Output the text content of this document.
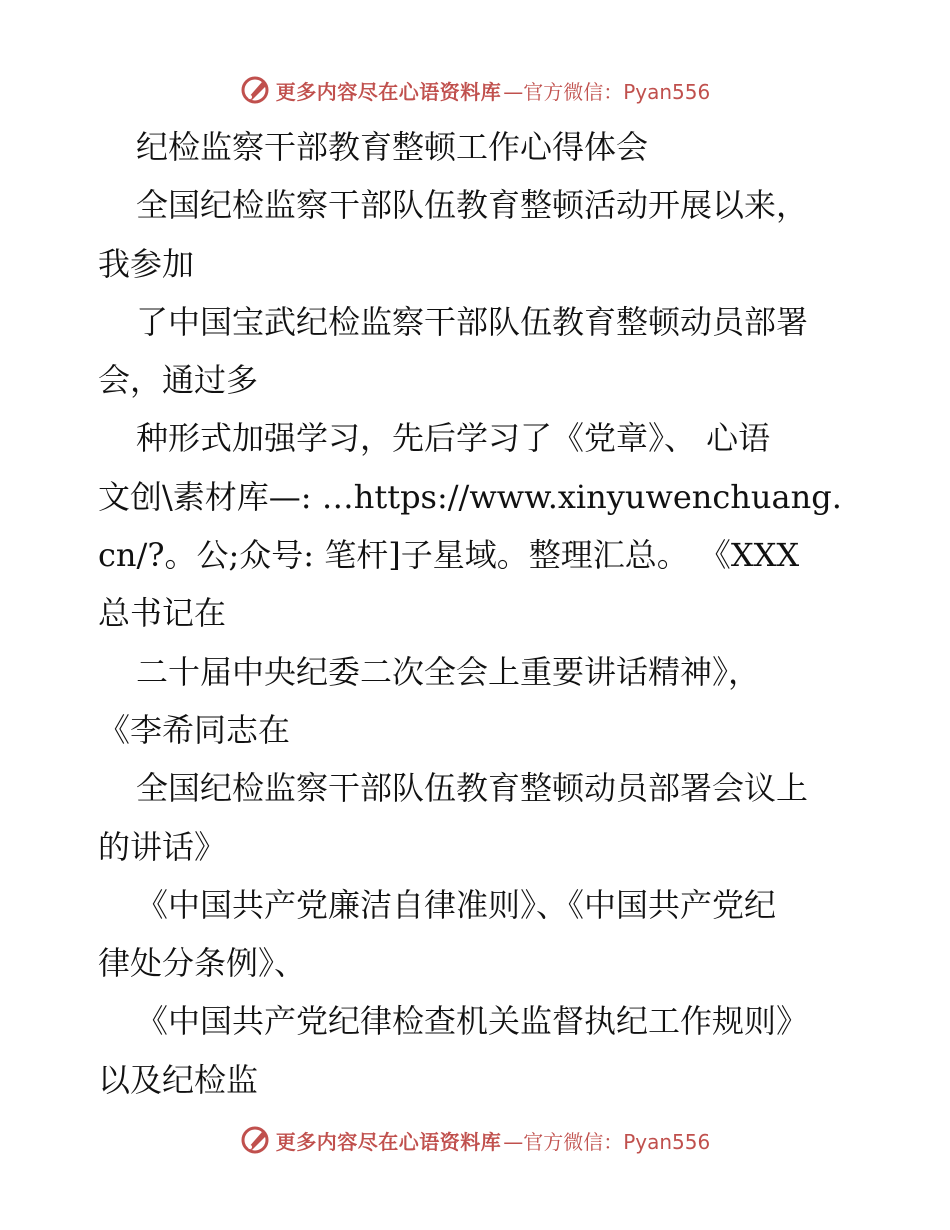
更多内容尽在心语资料库 —官方微信：Pyan556
纪检监察干部教育整顿工作心得体会
全国纪检监察干部队伍教育整顿活动开展以来，
我参加
了中国宝武纪检监察干部队伍教育整顿动员部署
会，通过多
种形式加强学习，先后学习了《党章》、 心语
文创\素材库—: …https://www.xinyuwenchuang.
cn/?。公;众号: 笔杆]子星域。整理汇总。 《XXX
总书记在
二十届中央纪委二次全会上重要讲话精神》，
《李希同志在
全国纪检监察干部队伍教育整顿动员部署会议上
的讲话》
《中国共产党廉洁自律准则》、《中国共产党纪
律处分条例》、
《中国共产党纪律检查机关监督执纪工作规则》
以及纪检监
更多内容尽在心语资料库 —官方微信：Pyan556
